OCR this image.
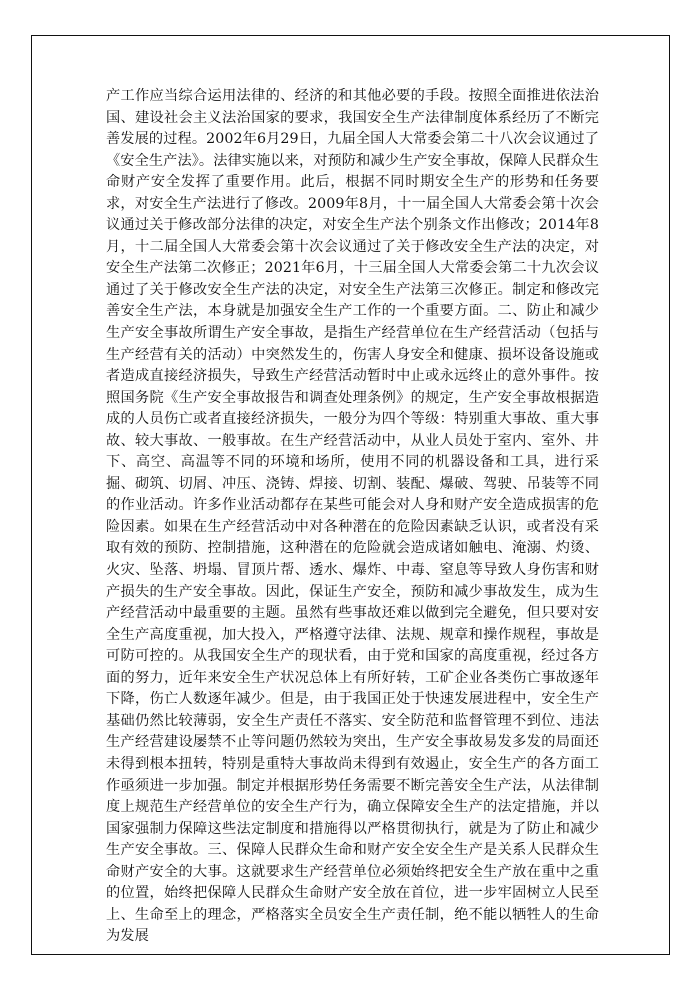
产工作应当综合运用法律的、经济的和其他必要的手段。按照全面推进依法治国、建设社会主义法治国家的要求，我国安全生产法律制度体系经历了不断完善发展的过程。2002年6月29日，九届全国人大常委会第二十八次会议通过了《安全生产法》。法律实施以来，对预防和减少生产安全事故，保障人民群众生命财产安全发挥了重要作用。此后，根据不同时期安全生产的形势和任务要求，对安全生产法进行了修改。2009年8月，十一届全国人大常委会第十次会议通过关于修改部分法律的决定，对安全生产法个别条文作出修改；2014年8月，十二届全国人大常委会第十次会议通过了关于修改安全生产法的决定，对安全生产法第二次修正；2021年6月，十三届全国人大常委会第二十九次会议通过了关于修改安全生产法的决定，对安全生产法第三次修正。制定和修改完善安全生产法，本身就是加强安全生产工作的一个重要方面。二、防止和减少生产安全事故所谓生产安全事故，是指生产经营单位在生产经营活动（包括与生产经营有关的活动）中突然发生的，伤害人身安全和健康、损坏设备设施或者造成直接经济损失，导致生产经营活动暂时中止或永远终止的意外事件。按照国务院《生产安全事故报告和调查处理条例》的规定，生产安全事故根据造成的人员伤亡或者直接经济损失，一般分为四个等级：特别重大事故、重大事故、较大事故、一般事故。在生产经营活动中，从业人员处于室内、室外、井下、高空、高温等不同的环境和场所，使用不同的机器设备和工具，进行采掘、砌筑、切屑、冲压、浇铸、焊接、切割、装配、爆破、驾驶、吊装等不同的作业活动。许多作业活动都存在某些可能会对人身和财产安全造成损害的危险因素。如果在生产经营活动中对各种潜在的危险因素缺乏认识，或者没有采取有效的预防、控制措施，这种潜在的危险就会造成诸如触电、淹溺、灼烫、火灾、坠落、坍塌、冒顶片帮、透水、爆炸、中毒、窒息等导致人身伤害和财产损失的生产安全事故。因此，保证生产安全，预防和减少事故发生，成为生产经营活动中最重要的主题。虽然有些事故还难以做到完全避免，但只要对安全生产高度重视，加大投入，严格遵守法律、法规、规章和操作规程，事故是可防可控的。从我国安全生产的现状看，由于党和国家的高度重视，经过各方面的努力，近年来安全生产状况总体上有所好转，工矿企业各类伤亡事故逐年下降，伤亡人数逐年减少。但是，由于我国正处于快速发展进程中，安全生产基础仍然比较薄弱，安全生产责任不落实、安全防范和监督管理不到位、违法生产经营建设屡禁不止等问题仍然较为突出，生产安全事故易发多发的局面还未得到根本扭转，特别是重特大事故尚未得到有效遏止，安全生产的各方面工作亟须进一步加强。制定并根据形势任务需要不断完善安全生产法，从法律制度上规范生产经营单位的安全生产行为，确立保障安全生产的法定措施，并以国家强制力保障这些法定制度和措施得以严格贯彻执行，就是为了防止和减少生产安全事故。三、保障人民群众生命和财产安全安全生产是关系人民群众生命财产安全的大事。这就要求生产经营单位必须始终把安全生产放在重中之重的位置，始终把保障人民群众生命财产安全放在首位，进一步牢固树立人民至上、生命至上的理念，严格落实全员安全生产责任制，绝不能以牺牲人的生命为发展
